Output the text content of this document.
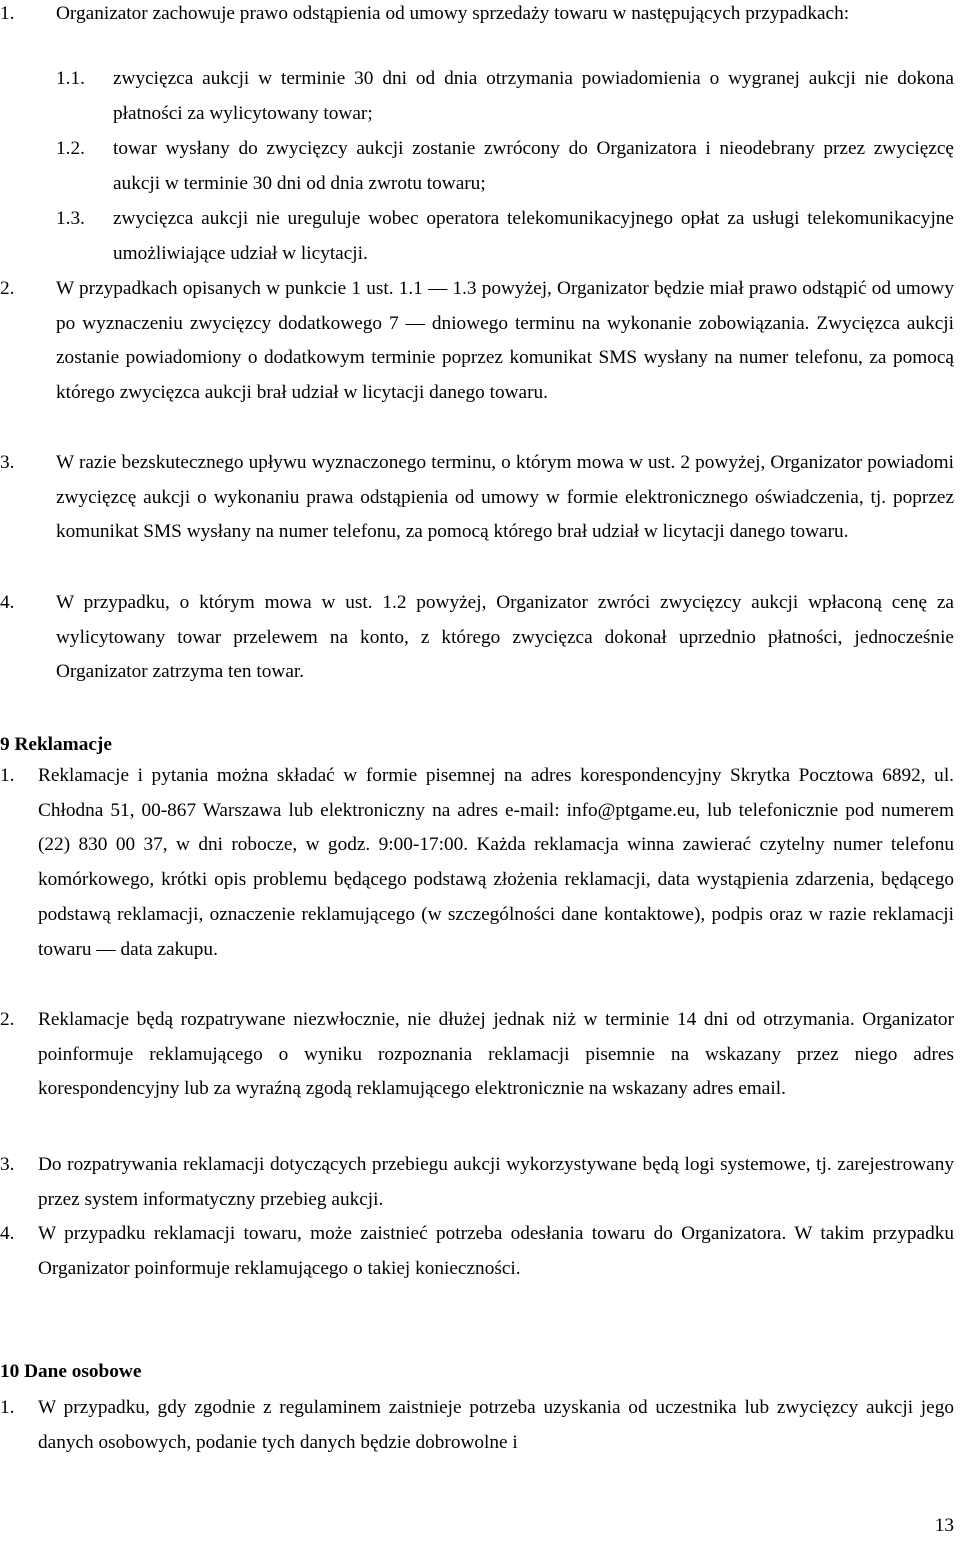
1. Organizator zachowuje prawo odstąpienia od umowy sprzedaży towaru w następujących przypadkach:
1.1. zwycięzca aukcji w terminie 30 dni od dnia otrzymania powiadomienia o wygranej aukcji nie dokona płatności za wylicytowany towar;
1.2. towar wysłany do zwycięzcy aukcji zostanie zwrócony do Organizatora i nieodebrany przez zwycięzcę aukcji w terminie 30 dni od dnia zwrotu towaru;
1.3. zwycięzca aukcji nie ureguluje wobec operatora telekomunikacyjnego opłat za usługi telekomunikacyjne umożliwiające udział w licytacji.
2. W przypadkach opisanych w punkcie 1 ust. 1.1 — 1.3 powyżej, Organizator będzie miał prawo odstąpić od umowy po wyznaczeniu zwycięzcy dodatkowego 7 — dniowego terminu na wykonanie zobowiązania. Zwycięzca aukcji zostanie powiadomiony o dodatkowym terminie poprzez komunikat SMS wysłany na numer telefonu, za pomocą którego zwycięzca aukcji brał udział w licytacji danego towaru.
3. W razie bezskutecznego upływu wyznaczonego terminu, o którym mowa w ust. 2 powyżej, Organizator powiadomi zwycięzcę aukcji o wykonaniu prawa odstąpienia od umowy w formie elektronicznego oświadczenia, tj. poprzez komunikat SMS wysłany na numer telefonu, za pomocą którego brał udział w licytacji danego towaru.
4. W przypadku, o którym mowa w ust. 1.2 powyżej, Organizator zwróci zwycięzcy aukcji wpłaconą cenę za wylicytowany towar przelewem na konto, z którego zwycięzca dokonał uprzednio płatności, jednocześnie Organizator zatrzyma ten towar.
9 Reklamacje
1. Reklamacje i pytania można składać w formie pisemnej na adres korespondencyjny Skrytka Pocztowa 6892, ul. Chłodna 51, 00-867 Warszawa lub elektroniczny na adres e-mail: info@ptgame.eu, lub telefonicznie pod numerem (22) 830 00 37, w dni robocze, w godz. 9:00-17:00. Każda reklamacja winna zawierać czytelny numer telefonu komórkowego, krótki opis problemu będącego podstawą złożenia reklamacji, data wystąpienia zdarzenia, będącego podstawą reklamacji, oznaczenie reklamującego (w szczególności dane kontaktowe), podpis oraz w razie reklamacji towaru — data zakupu.
2. Reklamacje będą rozpatrywane niezwłocznie, nie dłużej jednak niż w terminie 14 dni od otrzymania. Organizator poinformuje reklamującego o wyniku rozpoznania reklamacji pisemnie na wskazany przez niego adres korespondencyjny lub za wyraźną zgodą reklamującego elektronicznie na wskazany adres email.
3. Do rozpatrywania reklamacji dotyczących przebiegu aukcji wykorzystywane będą logi systemowe, tj. zarejestrowany przez system informatyczny przebieg aukcji.
4. W przypadku reklamacji towaru, może zaistnieć potrzeba odesłania towaru do Organizatora. W takim przypadku Organizator poinformuje reklamującego o takiej konieczności.
10 Dane osobowe
1. W przypadku, gdy zgodnie z regulaminem zaistnieje potrzeba uzyskania od uczestnika lub zwycięzcy aukcji jego danych osobowych, podanie tych danych będzie dobrowolne i
13
